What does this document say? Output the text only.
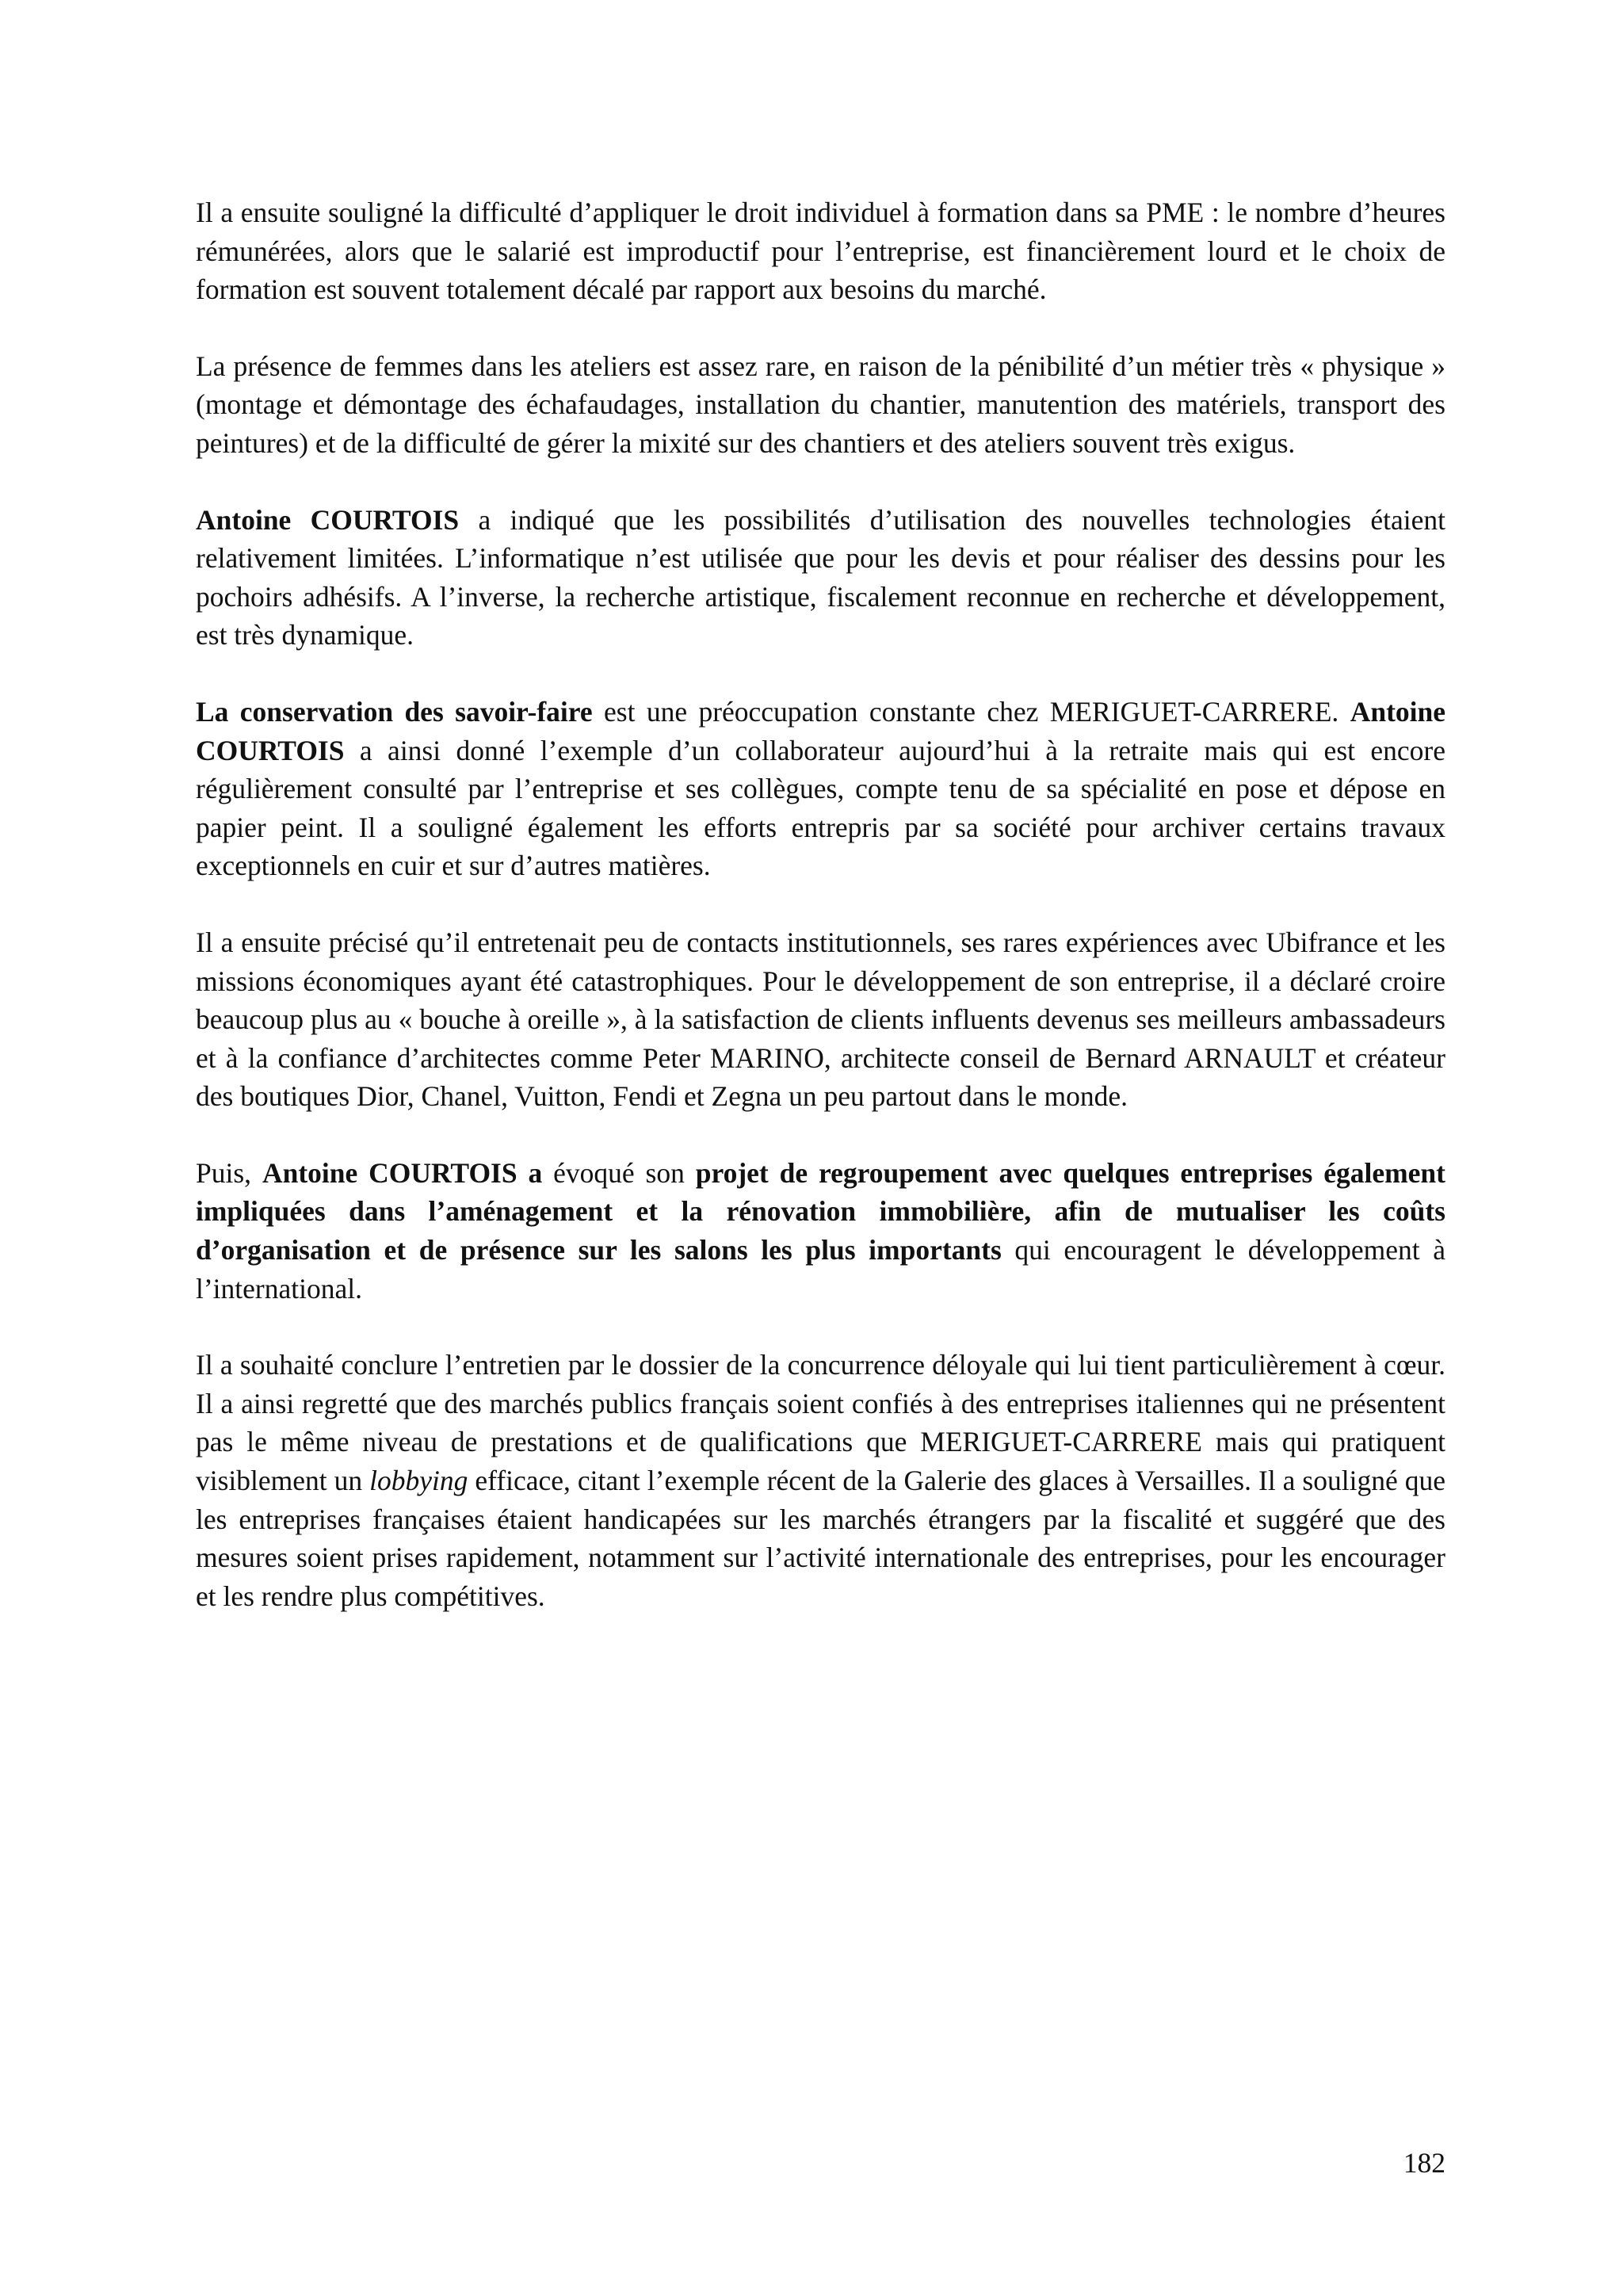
Il a ensuite souligné la difficulté d’appliquer le droit individuel à formation dans sa PME : le nombre d’heures rémunérées, alors que le salarié est improductif pour l’entreprise, est financièrement lourd et le choix de formation est souvent totalement décalé par rapport aux besoins du marché.

La présence de femmes dans les ateliers est assez rare, en raison de la pénibilité d’un métier très « physique » (montage et démontage des échafaudages, installation du chantier, manutention des matériels, transport des peintures) et de la difficulté de gérer la mixité sur des chantiers et des ateliers souvent très exigus.

Antoine COURTOIS a indiqué que les possibilités d’utilisation des nouvelles technologies étaient relativement limitées. L’informatique n’est utilisée que pour les devis et pour réaliser des dessins pour les pochoirs adhésifs. A l’inverse, la recherche artistique, fiscalement reconnue en recherche et développement, est très dynamique.

La conservation des savoir-faire est une préoccupation constante chez MERIGUET-CARRERE. Antoine COURTOIS a ainsi donné l’exemple d’un collaborateur aujourd’hui à la retraite mais qui est encore régulièrement consulté par l’entreprise et ses collègues, compte tenu de sa spécialité en pose et dépose en papier peint. Il a souligné également les efforts entrepris par sa société pour archiver certains travaux exceptionnels en cuir et sur d’autres matières.

Il a ensuite précisé qu’il entretenait peu de contacts institutionnels, ses rares expériences avec Ubifrance et les missions économiques ayant été catastrophiques. Pour le développement de son entreprise, il a déclaré croire beaucoup plus au « bouche à oreille », à la satisfaction de clients influents devenus ses meilleurs ambassadeurs et à la confiance d’architectes comme Peter MARINO, architecte conseil de Bernard ARNAULT et créateur des boutiques Dior, Chanel, Vuitton, Fendi et Zegna un peu partout dans le monde.

Puis, Antoine COURTOIS a évoqué son projet de regroupement avec quelques entreprises également impliquées dans l’aménagement et la rénovation immobilière, afin de mutualiser les coûts d’organisation et de présence sur les salons les plus importants qui encouragent le développement à l’international.

Il a souhaité conclure l’entretien par le dossier de la concurrence déloyale qui lui tient particulièrement à cœur. Il a ainsi regretté que des marchés publics français soient confiés à des entreprises italiennes qui ne présentent pas le même niveau de prestations et de qualifications que MERIGUET-CARRERE mais qui pratiquent visiblement un lobbying efficace, citant l’exemple récent de la Galerie des glaces à Versailles. Il a souligné que les entreprises françaises étaient handicapées sur les marchés étrangers par la fiscalité et suggéré que des mesures soient prises rapidement, notamment sur l’activité internationale des entreprises, pour les encourager et les rendre plus compétitives.

182
